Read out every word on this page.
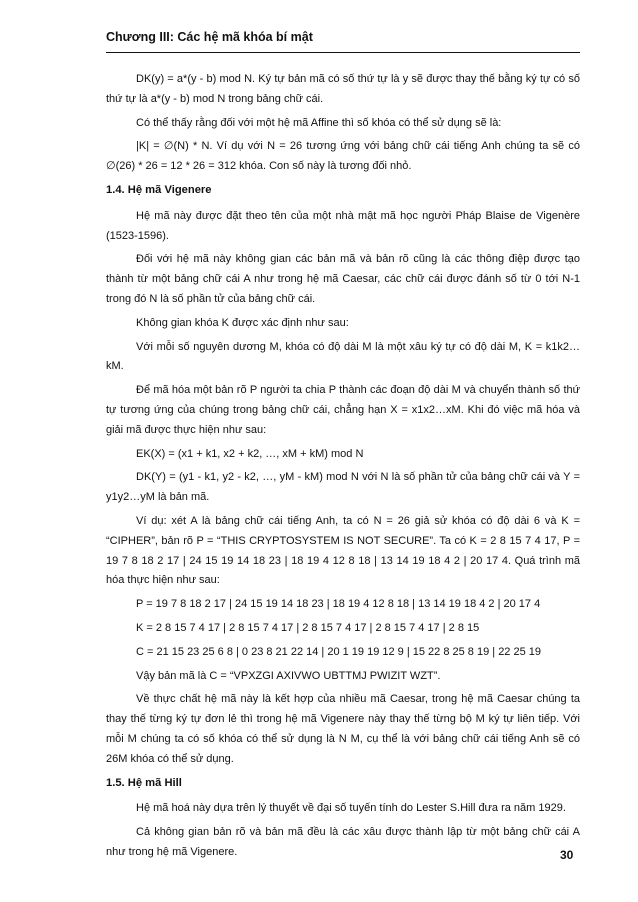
Chương III: Các hệ mã khóa bí mật

DK(y) = a*(y - b) mod N. Ký tự bản mã có số thứ tự là y sẽ được thay thế bằng ký tự có số thứ tự là a*(y - b) mod N trong bảng chữ cái.

Có thể thấy rằng đối với một hệ mã Affine thì số khóa có thể sử dụng sẽ là:

|K| = ∅(N) * N. Ví dụ với N = 26 tương ứng với bảng chữ cái tiếng Anh chúng ta sẽ có ∅(26) * 26 = 12 * 26 = 312 khóa. Con số này là tương đối nhỏ.

1.4. Hệ mã Vigenere

Hệ mã này được đặt theo tên của một nhà mật mã học người Pháp Blaise de Vigenère (1523-1596).

Đối với hệ mã này không gian các bản mã và bản rõ cũng là các thông điệp được tạo thành từ một bảng chữ cái A như trong hệ mã Caesar, các chữ cái được đánh số từ 0 tới N-1 trong đó N là số phần tử của bảng chữ cái.

Không gian khóa K được xác định như sau:

Với mỗi số nguyên dương M, khóa có độ dài M là một xâu ký tự có độ dài M, K = k1k2…kM.

Để mã hóa một bản rõ P người ta chia P thành các đoạn độ dài M và chuyển thành số thứ tự tương ứng của chúng trong bảng chữ cái, chẳng hạn X = x1x2…xM. Khi đó việc mã hóa và giải mã được thực hiện như sau:

EK(X) = (x1 + k1, x2 + k2, …, xM + kM) mod N

DK(Y) = (y1 - k1, y2 - k2, …, yM - kM) mod N với N là số phần tử của bảng chữ cái và Y = y1y2…yM là bản mã.

Ví dụ: xét A là bảng chữ cái tiếng Anh, ta có N = 26 giả sử khóa có độ dài 6 và K = “CIPHER”, bản rõ P = “THIS CRYPTOSYSTEM IS NOT SECURE”. Ta có K = 2 8 15 7 4 17, P = 19 7 8 18 2 17 | 24 15 19 14 18 23 | 18 19 4 12 8 18 | 13 14 19 18 4 2 | 20 17 4. Quá trình mã hóa thực hiện như sau:

P = 19 7 8 18 2 17 | 24 15 19 14 18 23 | 18 19 4 12 8 18 | 13 14 19 18 4 2 | 20 17 4

K = 2 8 15 7 4 17 | 2 8 15 7 4 17 | 2 8 15 7 4 17 | 2 8 15 7 4 17 | 2 8 15

C = 21 15 23 25 6 8 | 0 23 8 21 22 14 | 20 1 19 19 12 9 | 15 22 8 25 8 19 | 22 25 19

Vậy bản mã là C = “VPXZGI AXIVWO UBTTMJ PWIZIT WZT”.

Về thực chất hệ mã này là kết hợp của nhiều mã Caesar, trong hệ mã Caesar chúng ta thay thế từng ký tự đơn lẻ thì trong hệ mã Vigenere này thay thế từng bộ M ký tự liên tiếp. Với mỗi M chúng ta có số khóa có thể sử dụng là N M, cụ thể là với bảng chữ cái tiếng Anh sẽ có 26M khóa có thể sử dụng.

1.5. Hệ mã Hill

Hệ mã hoá này dựa trên lý thuyết về đại số tuyến tính do Lester S.Hill đưa ra năm 1929.

Cả không gian bản rõ và bản mã đều là các xâu được thành lập từ một bảng chữ cái A như trong hệ mã Vigenere.	30
